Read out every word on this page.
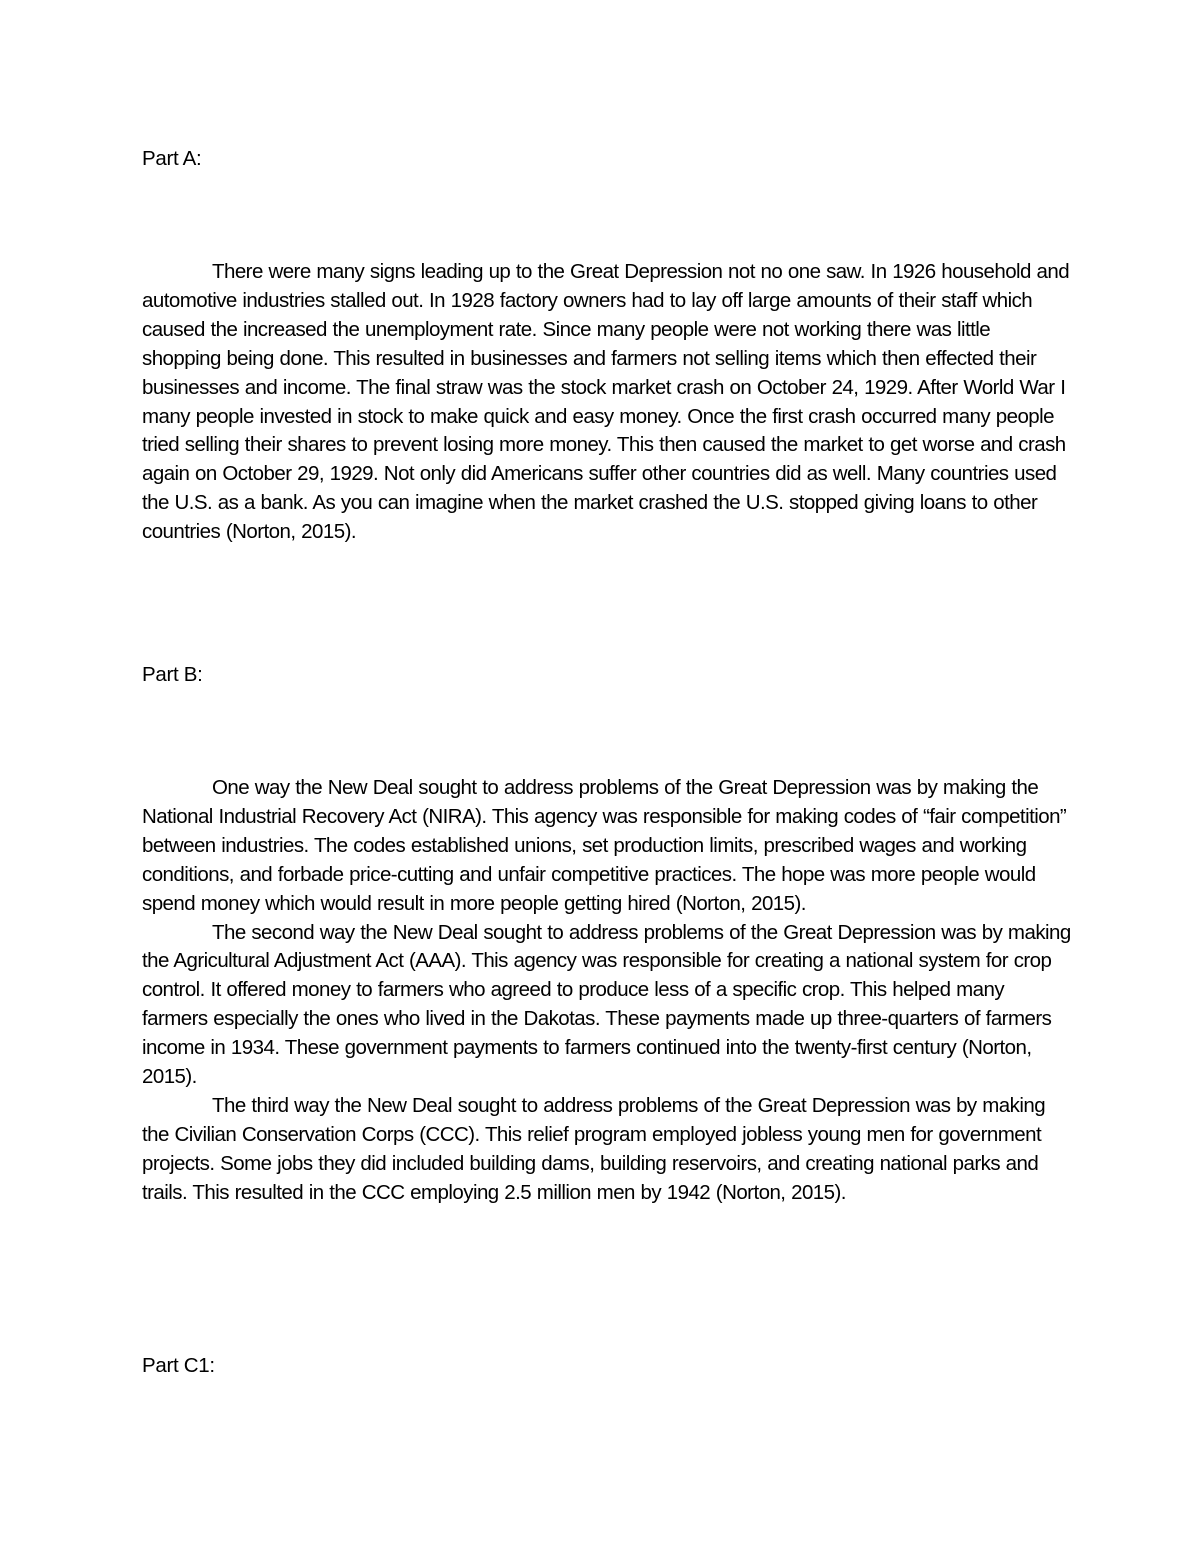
Part A:

There were many signs leading up to the Great Depression not no one saw. In 1926 household and automotive industries stalled out. In 1928 factory owners had to lay off large amounts of their staff which caused the increased the unemployment rate. Since many people were not working there was little shopping being done. This resulted in businesses and farmers not selling items which then effected their businesses and income. The final straw was the stock market crash on October 24, 1929. After World War I many people invested in stock to make quick and easy money. Once the first crash occurred many people tried selling their shares to prevent losing more money. This then caused the market to get worse and crash again on October 29, 1929. Not only did Americans suffer other countries did as well. Many countries used the U.S. as a bank. As you can imagine when the market crashed the U.S. stopped giving loans to other countries (Norton, 2015).

Part B:

One way the New Deal sought to address problems of the Great Depression was by making the National Industrial Recovery Act (NIRA). This agency was responsible for making codes of “fair competition” between industries. The codes established unions, set production limits, prescribed wages and working conditions, and forbade price-cutting and unfair competitive practices. The hope was more people would spend money which would result in more people getting hired (Norton, 2015).

The second way the New Deal sought to address problems of the Great Depression was by making the Agricultural Adjustment Act (AAA). This agency was responsible for creating a national system for crop control. It offered money to farmers who agreed to produce less of a specific crop. This helped many farmers especially the ones who lived in the Dakotas. These payments made up three-quarters of farmers income in 1934. These government payments to farmers continued into the twenty-first century (Norton, 2015).

The third way the New Deal sought to address problems of the Great Depression was by making the Civilian Conservation Corps (CCC). This relief program employed jobless young men for government projects. Some jobs they did included building dams, building reservoirs, and creating national parks and trails. This resulted in the CCC employing 2.5 million men by 1942 (Norton, 2015).

Part C1:
